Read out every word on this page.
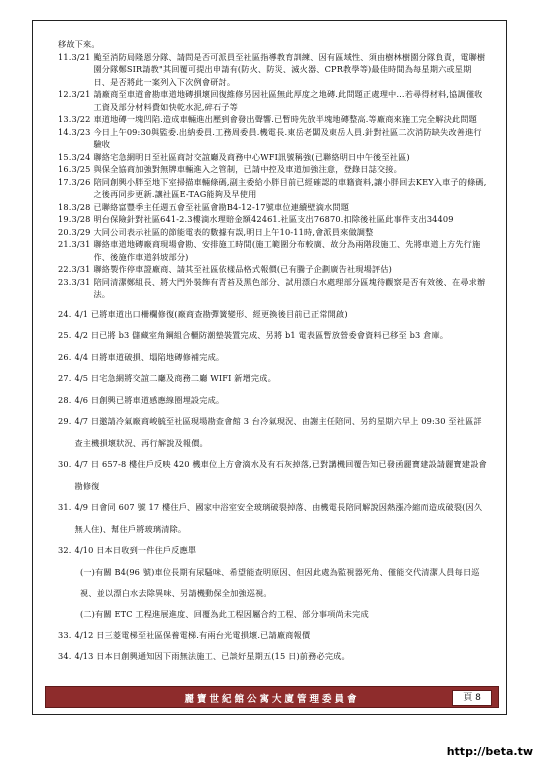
移故下來。
11.3/21 颱至消防局隆恩分隊、請問是否可派員至社區指導教育訓練、因有區域性、須由樹林樹園分隊負責，電聯樹園分隊鄭SIR請教"其回覆可提出申請有(防火、防災、滅火器、CPR教學等)最佳時間為每星期六或星期日、是否將此一案列入下次例會研討。
12.3/21 請廠商至車道會勘車道地磚損壞回復維修另因社區無此厚度之地磚.此問題正處理中…若尋得材料,協調僅收工資及部分材料費如快乾水泥,碎石子等
13.3/22 車道地磚一塊凹陷.造成車輛進出壓到會發出聲響.已暫時先放半塊地磚整高.等廠商來施工完全解決此問題
14.3/23 今日上午09:30與監委.出納委員.工務周委員.機電長.東岳老闆及東岳人員.針對社區二次消防缺失改善進行驗收
15.3/24 聯絡宅急網明日至社區商討交誼廳及商務中心WFI訊號稱強(已聯絡明日中午後至社區)
16.3/25 與保全協商加強對無牌車輛進入之管制，已請中控及車道加強注意，登錄日誌交接。
17.3/26 陪同創興小胖至地下室掃描車輛條碼,副主委給小胖目前已經確認的車籍資料,讓小胖回去KEY入車子的條碼,之後再同步更新.讓社區E-TAG能夠及早使用
18.3/28 已聯絡富豐季主任週五會至社區會勘B4-12-17號車位連續壁滴水問題
19.3/28 明台保險針對社區641-2.3樓滴水理賠金額42461.社區支出76870.扣除後社區此事件支出34409
20.3/29 大同公司表示社區的節能電表的數據有誤,明日上午10-11時,會派員來做調整
21.3/31 聯絡車道地磚廠商現場會勘、安排施工時間(施工範圍分布較廣、故分為兩階段施工、先將車道上方先行施作、後施作車道斜坡部分)
22.3/31 聯絡製作停車證廠商、請其至社區依樣品格式報價(已有騰子企劃廣告社現場評估)
23.3/31 陪同清潔鄭組長、將大門外裝飾有青苔及黑色部分、試用漂白水處理部分區塊待觀察是否有效後、在尋求辦法。
24. 4/1 已將車道出口柵欄修復(廠商查勘彈簧變形、經更換後目前已正常開啟)
25. 4/2 日已將 b3 儲藏室角鋼組合櫃防潮墊裝置完成、另將 b1 電表區暫放營委會資料已移至 b3 倉庫。
26. 4/4 日將車道破損、塌陷地磚修補完成。
27. 4/5 日宅急網將交誼二廳及商務二廳 WIFI 新增完成。
28. 4/6 日創興已將車道感應線圈埋設完成。
29. 4/7 日邀請冷氣廠商峻毓至社區現場勘查會館 3 台冷氣現況、由謝主任陪同、另約星期六早上 09:30 至社區詳查主機損壞狀況、再行解說及報價。
30. 4/7 日 657-8 樓住戶反映 420 機車位上方會滴水及有石灰掉落,已對講機回覆告知已發函麗寶建設請麗寶建設會勘修復
31. 4/9 日會同 607 號 17 樓住戶、國家中浴室安全玻璃破裂掉落、由機電長陪同解說因熱漲冷縮而造成破裂(因久無人住)、幫住戶將玻璃清除。
32. 4/10 日本日收到一件住戶反應單
(一)有關 B4(96 號)車位長期有尿騷味、希望能查明原因、但因此處為監視器死角、僅能交代清潔人員每日巡視、並以漂白水去除異味、另請機動保全加強巡視。
(二)有關 ETC 工程進展進度、回覆為此工程因屬合約工程、部分事項尚未完成
33. 4/12 日三菱電梯至社區保養電梯.有兩台光電損壞.已請廠商報價
34. 4/13 日本日創興通知因下雨無法施工、已談好星期五(15 日)前務必完成。
麗寶世紀館公寓大廈管理委員會	頁 8
http://beta.tw
